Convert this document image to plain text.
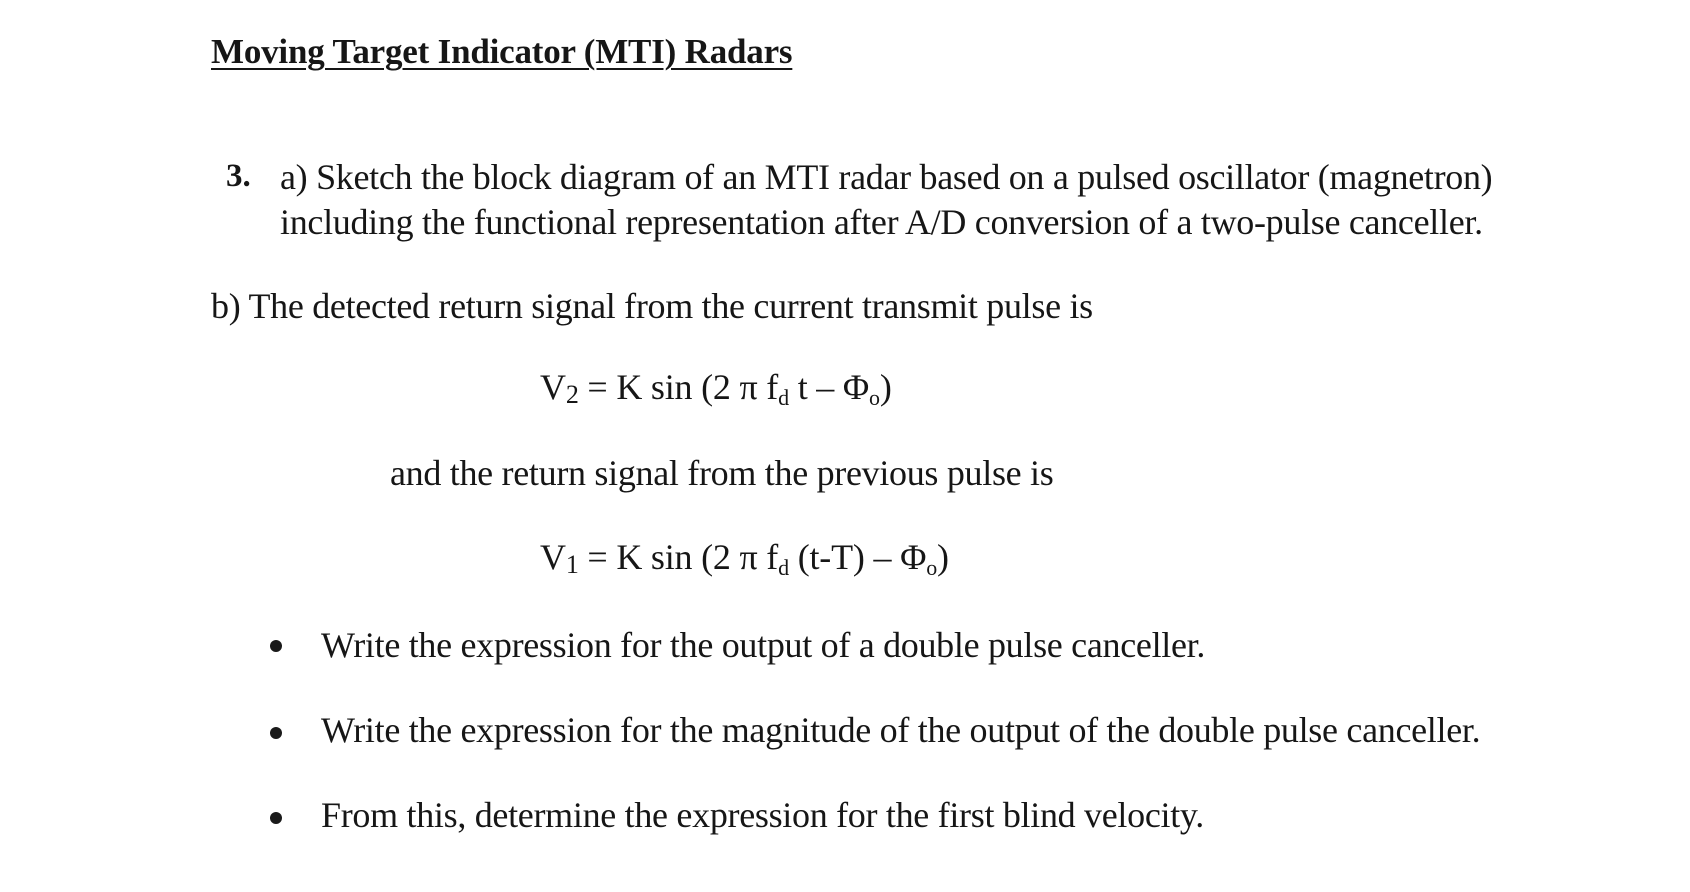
Moving Target Indicator (MTI) Radars
3. a) Sketch the block diagram of an MTI radar based on a pulsed oscillator (magnetron)
including the functional representation after A/D conversion of a two-pulse canceller.
b) The detected return signal from the current transmit pulse is
$V_2 = K$ sin (2 π $f_d$ t – $\Phi_o$)
and the return signal from the previous pulse is
$V_1 = K$ sin (2 π $f_d$ $(t-T) - \Phi_o$)
Write the expression for the output of a double pulse canceller.
Write the expression for the magnitude of the output of the double pulse canceller.
From this, determine the expression for the first blind velocity.
